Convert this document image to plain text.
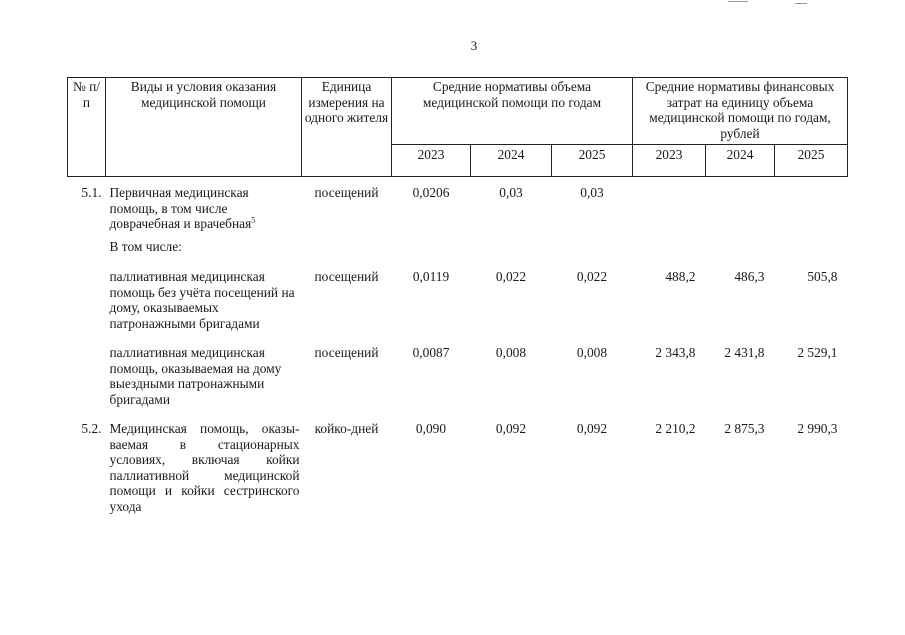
3
№ п/п	Виды и условия оказания медицинской помощи	Единица измерения на одного жителя	Средние нормативы объема медицинской помощи по годам			Средние нормативы финансовых затрат на единицу объема медицинской помощи по годам, рублей		
			2023	2024	2025	2023	2024	2025
5.1.	Первичная медицинская помощь, в том числе доврачебная и врачебная$^5$	посещений	0,0206	0,03	0,03			
	В том числе:							
	паллиативная медицинская помощь без учёта посещений на дому, оказываемых патронажными бригадами	посещений	0,0119	0,022	0,022	488,2	486,3	505,8
	паллиативная медицинская помощь, оказываемая на дому выездными патронажными бригадами	посещений	0,0087	0,008	0,008	2 343,8	2 431,8	2 529,1
5.2.	Медицинская помощь, оказы-ваемая в стационарных условиях, включая койки паллиативной медицинской помощи и койки сестринского ухода	койко-дней	0,090	0,092	0,092	2 210,2	2 875,3	2 990,3
